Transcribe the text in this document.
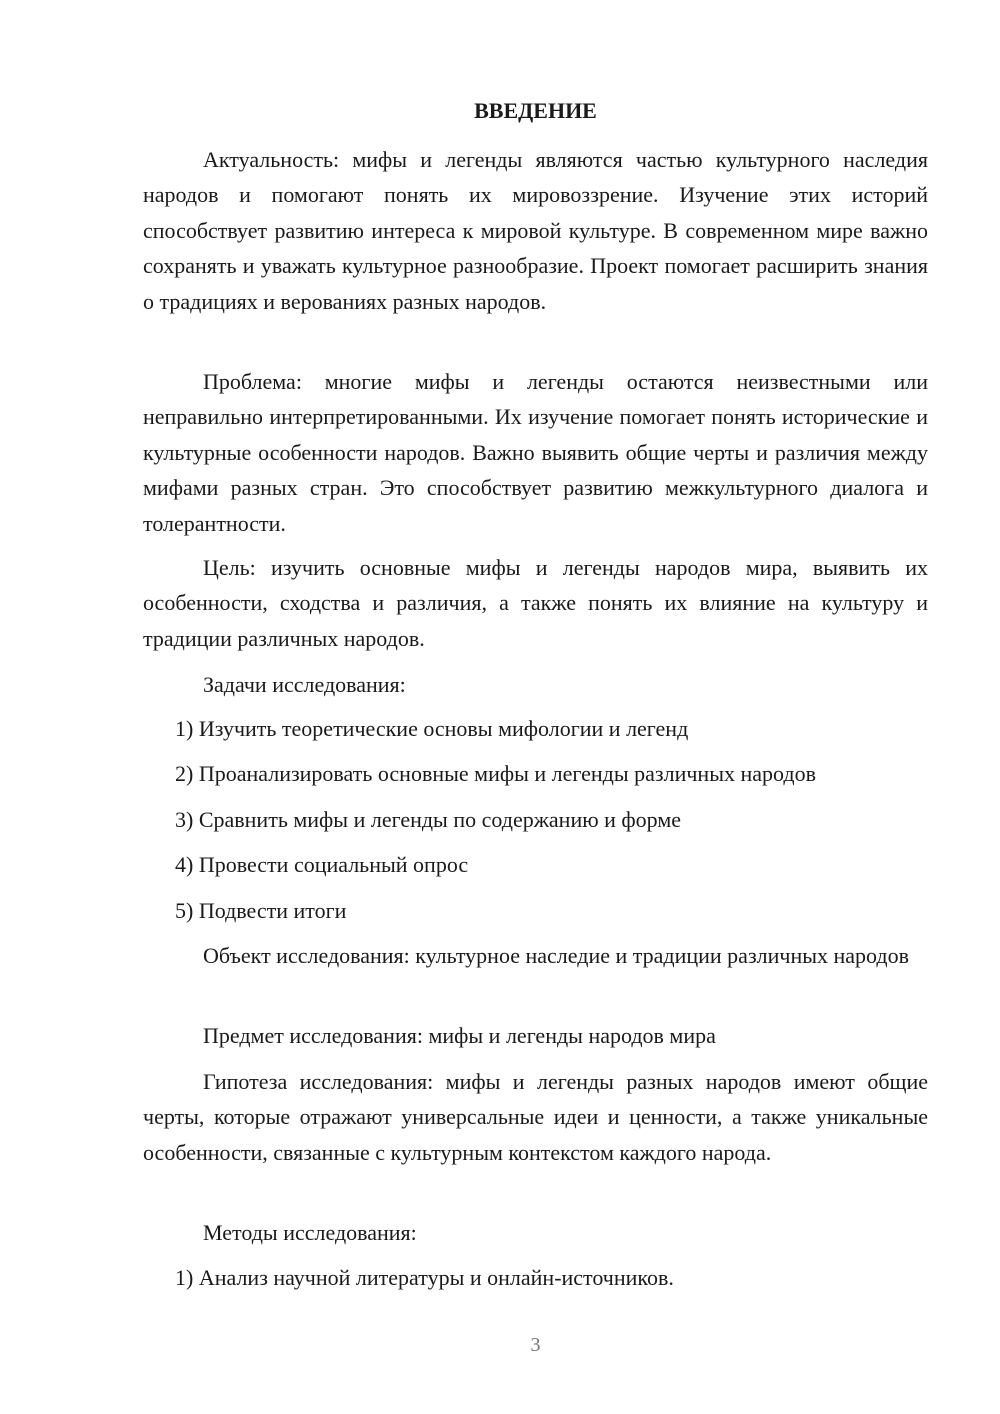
ВВЕДЕНИЕ

Актуальность: мифы и легенды являются частью культурного наследия народов и помогают понять их мировоззрение. Изучение этих историй способствует развитию интереса к мировой культуре. В современном мире важно сохранять и уважать культурное разнообразие. Проект помогает расширить знания о традициях и верованиях разных народов.

Проблема: многие мифы и легенды остаются неизвестными или неправильно интерпретированными. Их изучение помогает понять исторические и культурные особенности народов. Важно выявить общие черты и различия между мифами разных стран. Это способствует развитию межкультурного диалога и толерантности.

Цель: изучить основные мифы и легенды народов мира, выявить их особенности, сходства и различия, а также понять их влияние на культуру и традиции различных народов.

Задачи исследования:

1) Изучить теоретические основы мифологии и легенд

2) Проанализировать основные мифы и легенды различных народов

3) Сравнить мифы и легенды по содержанию и форме

4) Провести социальный опрос

5) Подвести итоги

Объект исследования: культурное наследие и традиции различных народов

Предмет исследования: мифы и легенды народов мира

Гипотеза исследования: мифы и легенды разных народов имеют общие черты, которые отражают универсальные идеи и ценности, а также уникальные особенности, связанные с культурным контекстом каждого народа.

Методы исследования:

1) Анализ научной литературы и онлайн-источников.

3
